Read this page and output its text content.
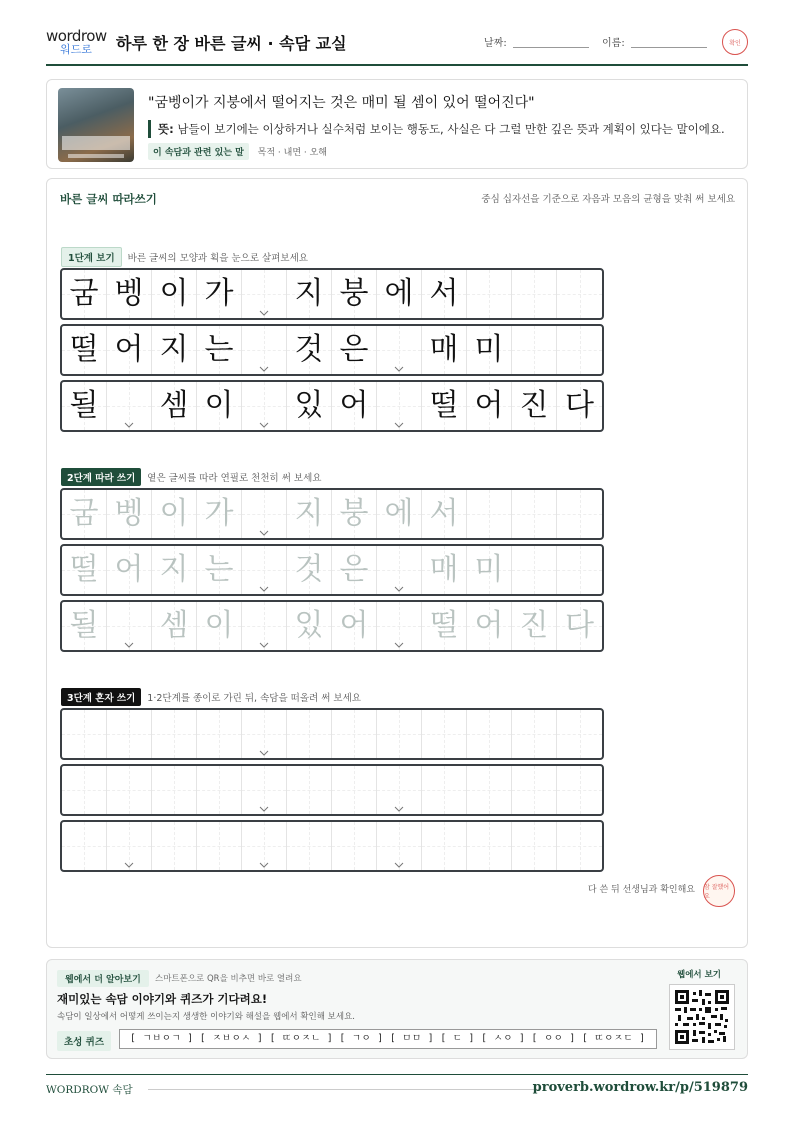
wordrow
워드로	하루 한 장 바른 글씨 · 속담 교실	날짜:	이름:	확인
"굼벵이가 지붕에서 떨어지는 것은 매미 될 셈이 있어 떨어진다"
뜻: 남들이 보기에는 이상하거나 실수처럼 보이는 행동도, 사실은 다 그럴 만한 깊은 뜻과 계획이 있다는 말이에요.
이 속담과 관련 있는 말 목적 · 내면 · 오해
바른 글씨 따라쓰기	중심 십자선을 기준으로 자음과 모음의 균형을 맞춰 써 보세요
1단계 보기 바른 글씨의 모양과 획을 눈으로 살펴보세요
굼 벵 이 가 지 붕 에 서
떨 어 지 는 것 은 매 미
될 셈 이 있 어 떨 어 진 다
2단계 따라 쓰기 옅은 글씨를 따라 연필로 천천히 써 보세요
굼 벵 이 가 지 붕 에 서
떨 어 지 는 것 은 매 미
될 셈 이 있 어 떨 어 진 다
3단계 혼자 쓰기 1·2단계를 종이로 가린 뒤, 속담을 떠올려 써 보세요
다 쓴 뒤 선생님과 확인해요 참 잘했어요
웹에서 더 알아보기	스마트폰으로 QR을 비추면 바로 열려요
재미있는 속담 이야기와 퀴즈가 기다려요!
속담이 일상에서 어떻게 쓰이는지 생생한 이야기와 해설을 웹에서 확인해 보세요.
초성 퀴즈	[ ㄱㅂㅇㄱ ] [ ㅈㅂㅇㅅ ] [ ㄸㅇㅈㄴ ] [ ㄱㅇ ] [ ㅁㅁ ] [ ㄷ ] [ ㅅㅇ ] [ ㅇㅇ ] [ ㄸㅇㅈㄷ ]
웹에서 보기
WORDROW 속담	proverb.wordrow.kr/p/519879
